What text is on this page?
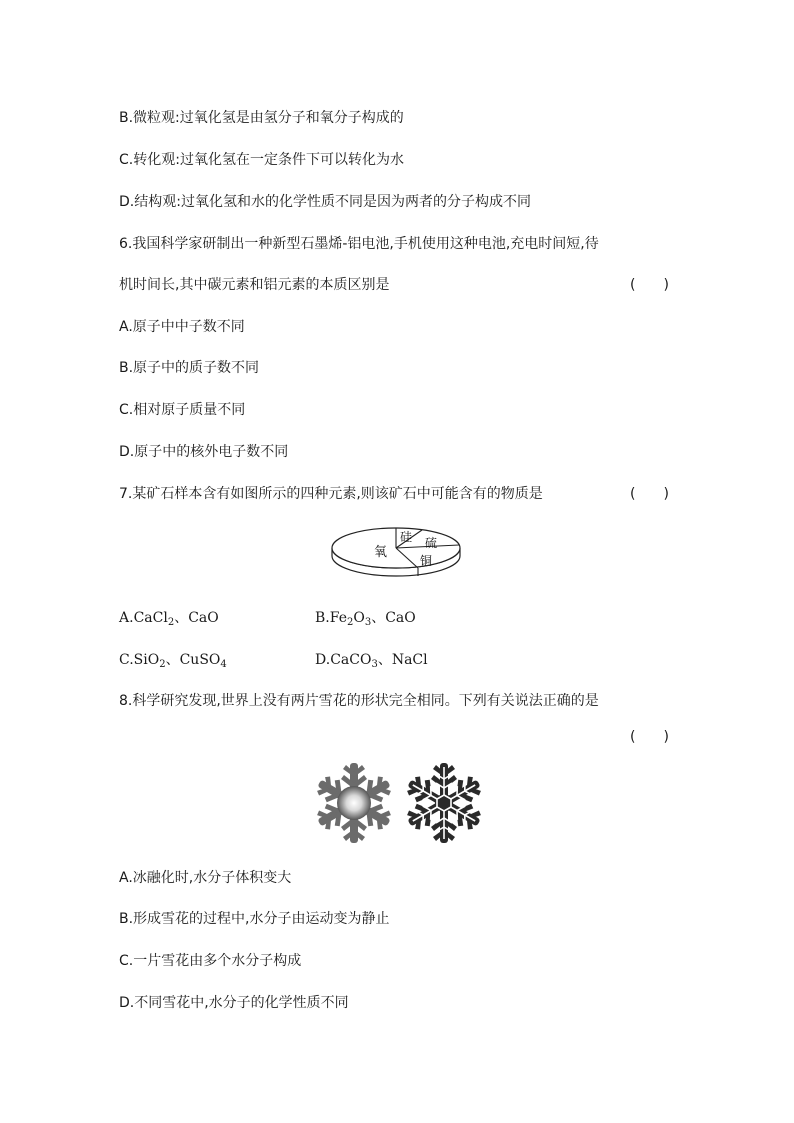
B.微粒观:过氧化氢是由氢分子和氧分子构成的
C.转化观:过氧化氢在一定条件下可以转化为水
D.结构观:过氧化氢和水的化学性质不同是因为两者的分子构成不同
6.我国科学家研制出一种新型石墨烯-铝电池,手机使用这种电池,充电时间短,待
机时间长,其中碳元素和铝元素的本质区别是	(　　)
A.原子中中子数不同
B.原子中的质子数不同
C.相对原子质量不同
D.原子中的核外电子数不同
7.某矿石样本含有如图所示的四种元素,则该矿石中可能含有的物质是	(　　)
氧
硅 硫
铜
A.CaCl$_2$、CaO	$B.Fe_2O_3$、CaO
C.SiO$_2$、CuSO$_4$	D.CaCO$_3$、NaCl
8.科学研究发现,世界上没有两片雪花的形状完全相同。下列有关说法正确的是
(　　)
A.冰融化时,水分子体积变大
B.形成雪花的过程中,水分子由运动变为静止
C.一片雪花由多个水分子构成
D.不同雪花中,水分子的化学性质不同
